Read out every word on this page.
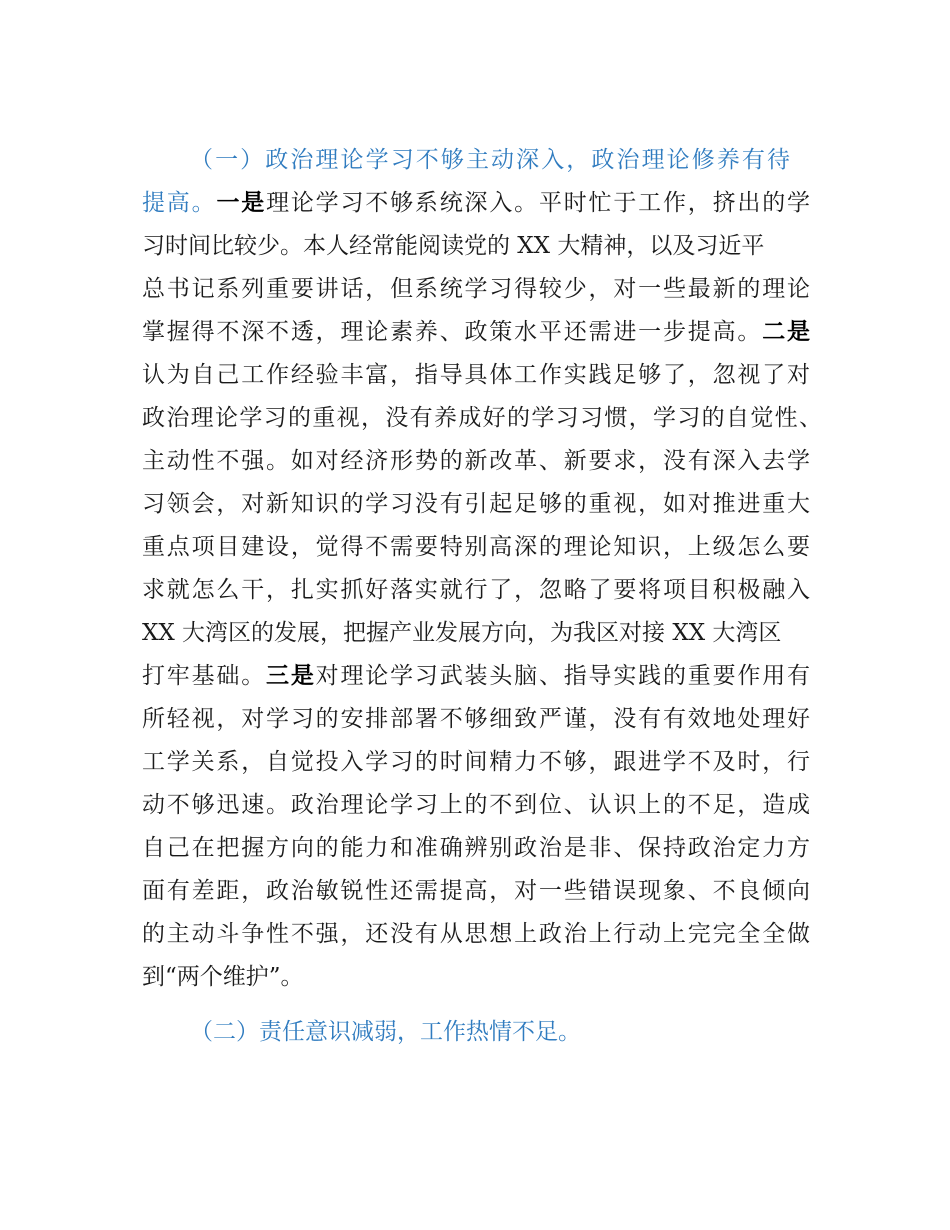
（一）政治理论学习不够主动深入，政治理论修养有待
提高。一是理论学习不够系统深入。平时忙于工作，挤出的学
习时间比较少。本人经常能阅读党的 XX 大精神，以及习近平
总书记系列重要讲话，但系统学习得较少，对一些最新的理论
掌握得不深不透，理论素养、政策水平还需进一步提高。二是
认为自己工作经验丰富，指导具体工作实践足够了，忽视了对
政治理论学习的重视，没有养成好的学习习惯，学习的自觉性、
主动性不强。如对经济形势的新改革、新要求，没有深入去学
习领会，对新知识的学习没有引起足够的重视，如对推进重大
重点项目建设，觉得不需要特别高深的理论知识，上级怎么要
求就怎么干，扎实抓好落实就行了，忽略了要将项目积极融入
XX 大湾区的发展，把握产业发展方向，为我区对接 XX 大湾区
打牢基础。三是对理论学习武装头脑、指导实践的重要作用有
所轻视，对学习的安排部署不够细致严谨，没有有效地处理好
工学关系，自觉投入学习的时间精力不够，跟进学不及时，行
动不够迅速。政治理论学习上的不到位、认识上的不足，造成
自己在把握方向的能力和准确辨别政治是非、保持政治定力方
面有差距，政治敏锐性还需提高，对一些错误现象、不良倾向
的主动斗争性不强，还没有从思想上政治上行动上完完全全做
到“两个维护”。
（二）责任意识减弱，工作热情不足。
